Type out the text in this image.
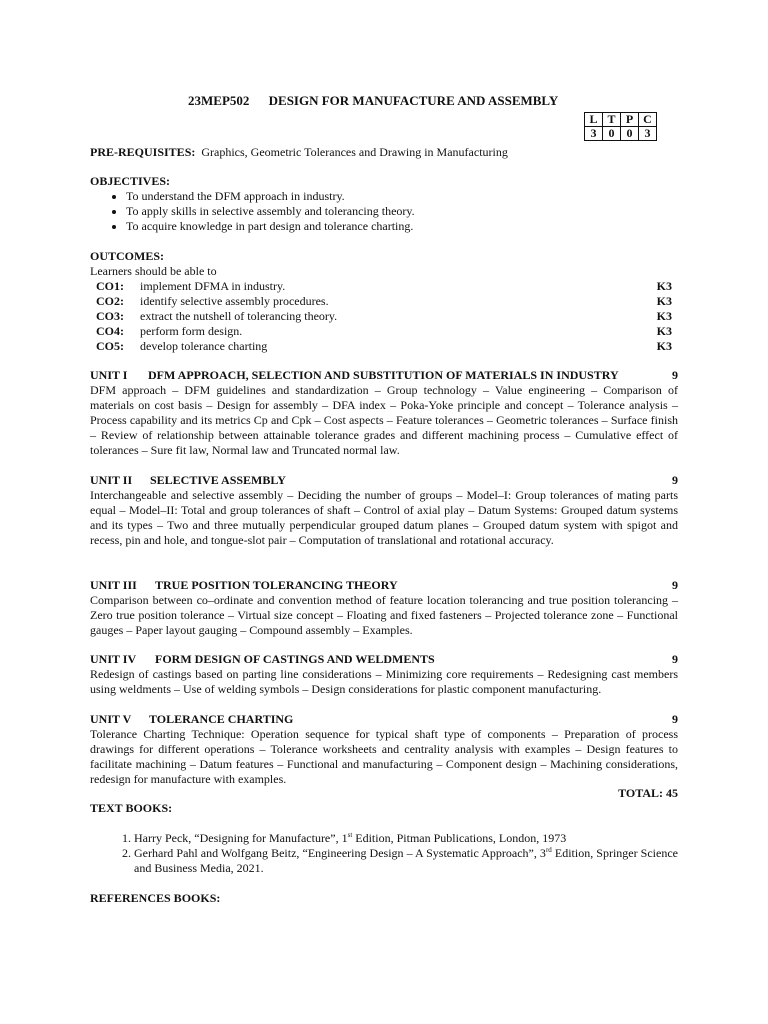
23MEP502 DESIGN FOR MANUFACTURE AND ASSEMBLY
L	T	P	C
3	0	0	3
PRE-REQUISITES: Graphics, Geometric Tolerances and Drawing in Manufacturing
OBJECTIVES:
• To understand the DFM approach in industry.
• To apply skills in selective assembly and tolerancing theory.
• To acquire knowledge in part design and tolerance charting.
OUTCOMES:
Learners should be able to
CO1: implement DFMA in industry.	K3
CO2: identify selective assembly procedures.	K3
CO3: extract the nutshell of tolerancing theory.	K3
CO4: perform form design.	K3
CO5: develop tolerance charting	K3
UNIT I DFM APPROACH, SELECTION AND SUBSTITUTION OF MATERIALS IN INDUSTRY	9
DFM approach – DFM guidelines and standardization – Group technology – Value engineering – Comparison of materials on cost basis – Design for assembly – DFA index – Poka-Yoke principle and concept – Tolerance analysis – Process capability and its metrics Cp and Cpk – Cost aspects – Feature tolerances – Geometric tolerances – Surface finish – Review of relationship between attainable tolerance grades and different machining process – Cumulative effect of tolerances – Sure fit law, Normal law and Truncated normal law.
UNIT II SELECTIVE ASSEMBLY	9
Interchangeable and selective assembly – Deciding the number of groups – Model–I: Group tolerances of mating parts equal – Model–II: Total and group tolerances of shaft – Control of axial play – Datum Systems: Grouped datum systems and its types – Two and three mutually perpendicular grouped datum planes – Grouped datum system with spigot and recess, pin and hole, and tongue-slot pair – Computation of translational and rotational accuracy.
UNIT III TRUE POSITION TOLERANCING THEORY	9
Comparison between co–ordinate and convention method of feature location tolerancing and true position tolerancing – Zero true position tolerance – Virtual size concept – Floating and fixed fasteners – Projected tolerance zone – Functional gauges – Paper layout gauging – Compound assembly – Examples.
UNIT IV FORM DESIGN OF CASTINGS AND WELDMENTS	9
Redesign of castings based on parting line considerations – Minimizing core requirements – Redesigning cast members using weldments – Use of welding symbols – Design considerations for plastic component manufacturing.
UNIT V TOLERANCE CHARTING	9
Tolerance Charting Technique: Operation sequence for typical shaft type of components – Preparation of process drawings for different operations – Tolerance worksheets and centrality analysis with examples – Design features to facilitate machining – Datum features – Functional and manufacturing – Component design – Machining considerations, redesign for manufacture with examples.
TOTAL: 45
TEXT BOOKS:
1. Harry Peck, “Designing for Manufacture”, 1st Edition, Pitman Publications, London, 1973
2. Gerhard Pahl and Wolfgang Beitz, “Engineering Design – A Systematic Approach”, 3rd Edition, Springer Science and Business Media, 2021.
REFERENCES BOOKS:
